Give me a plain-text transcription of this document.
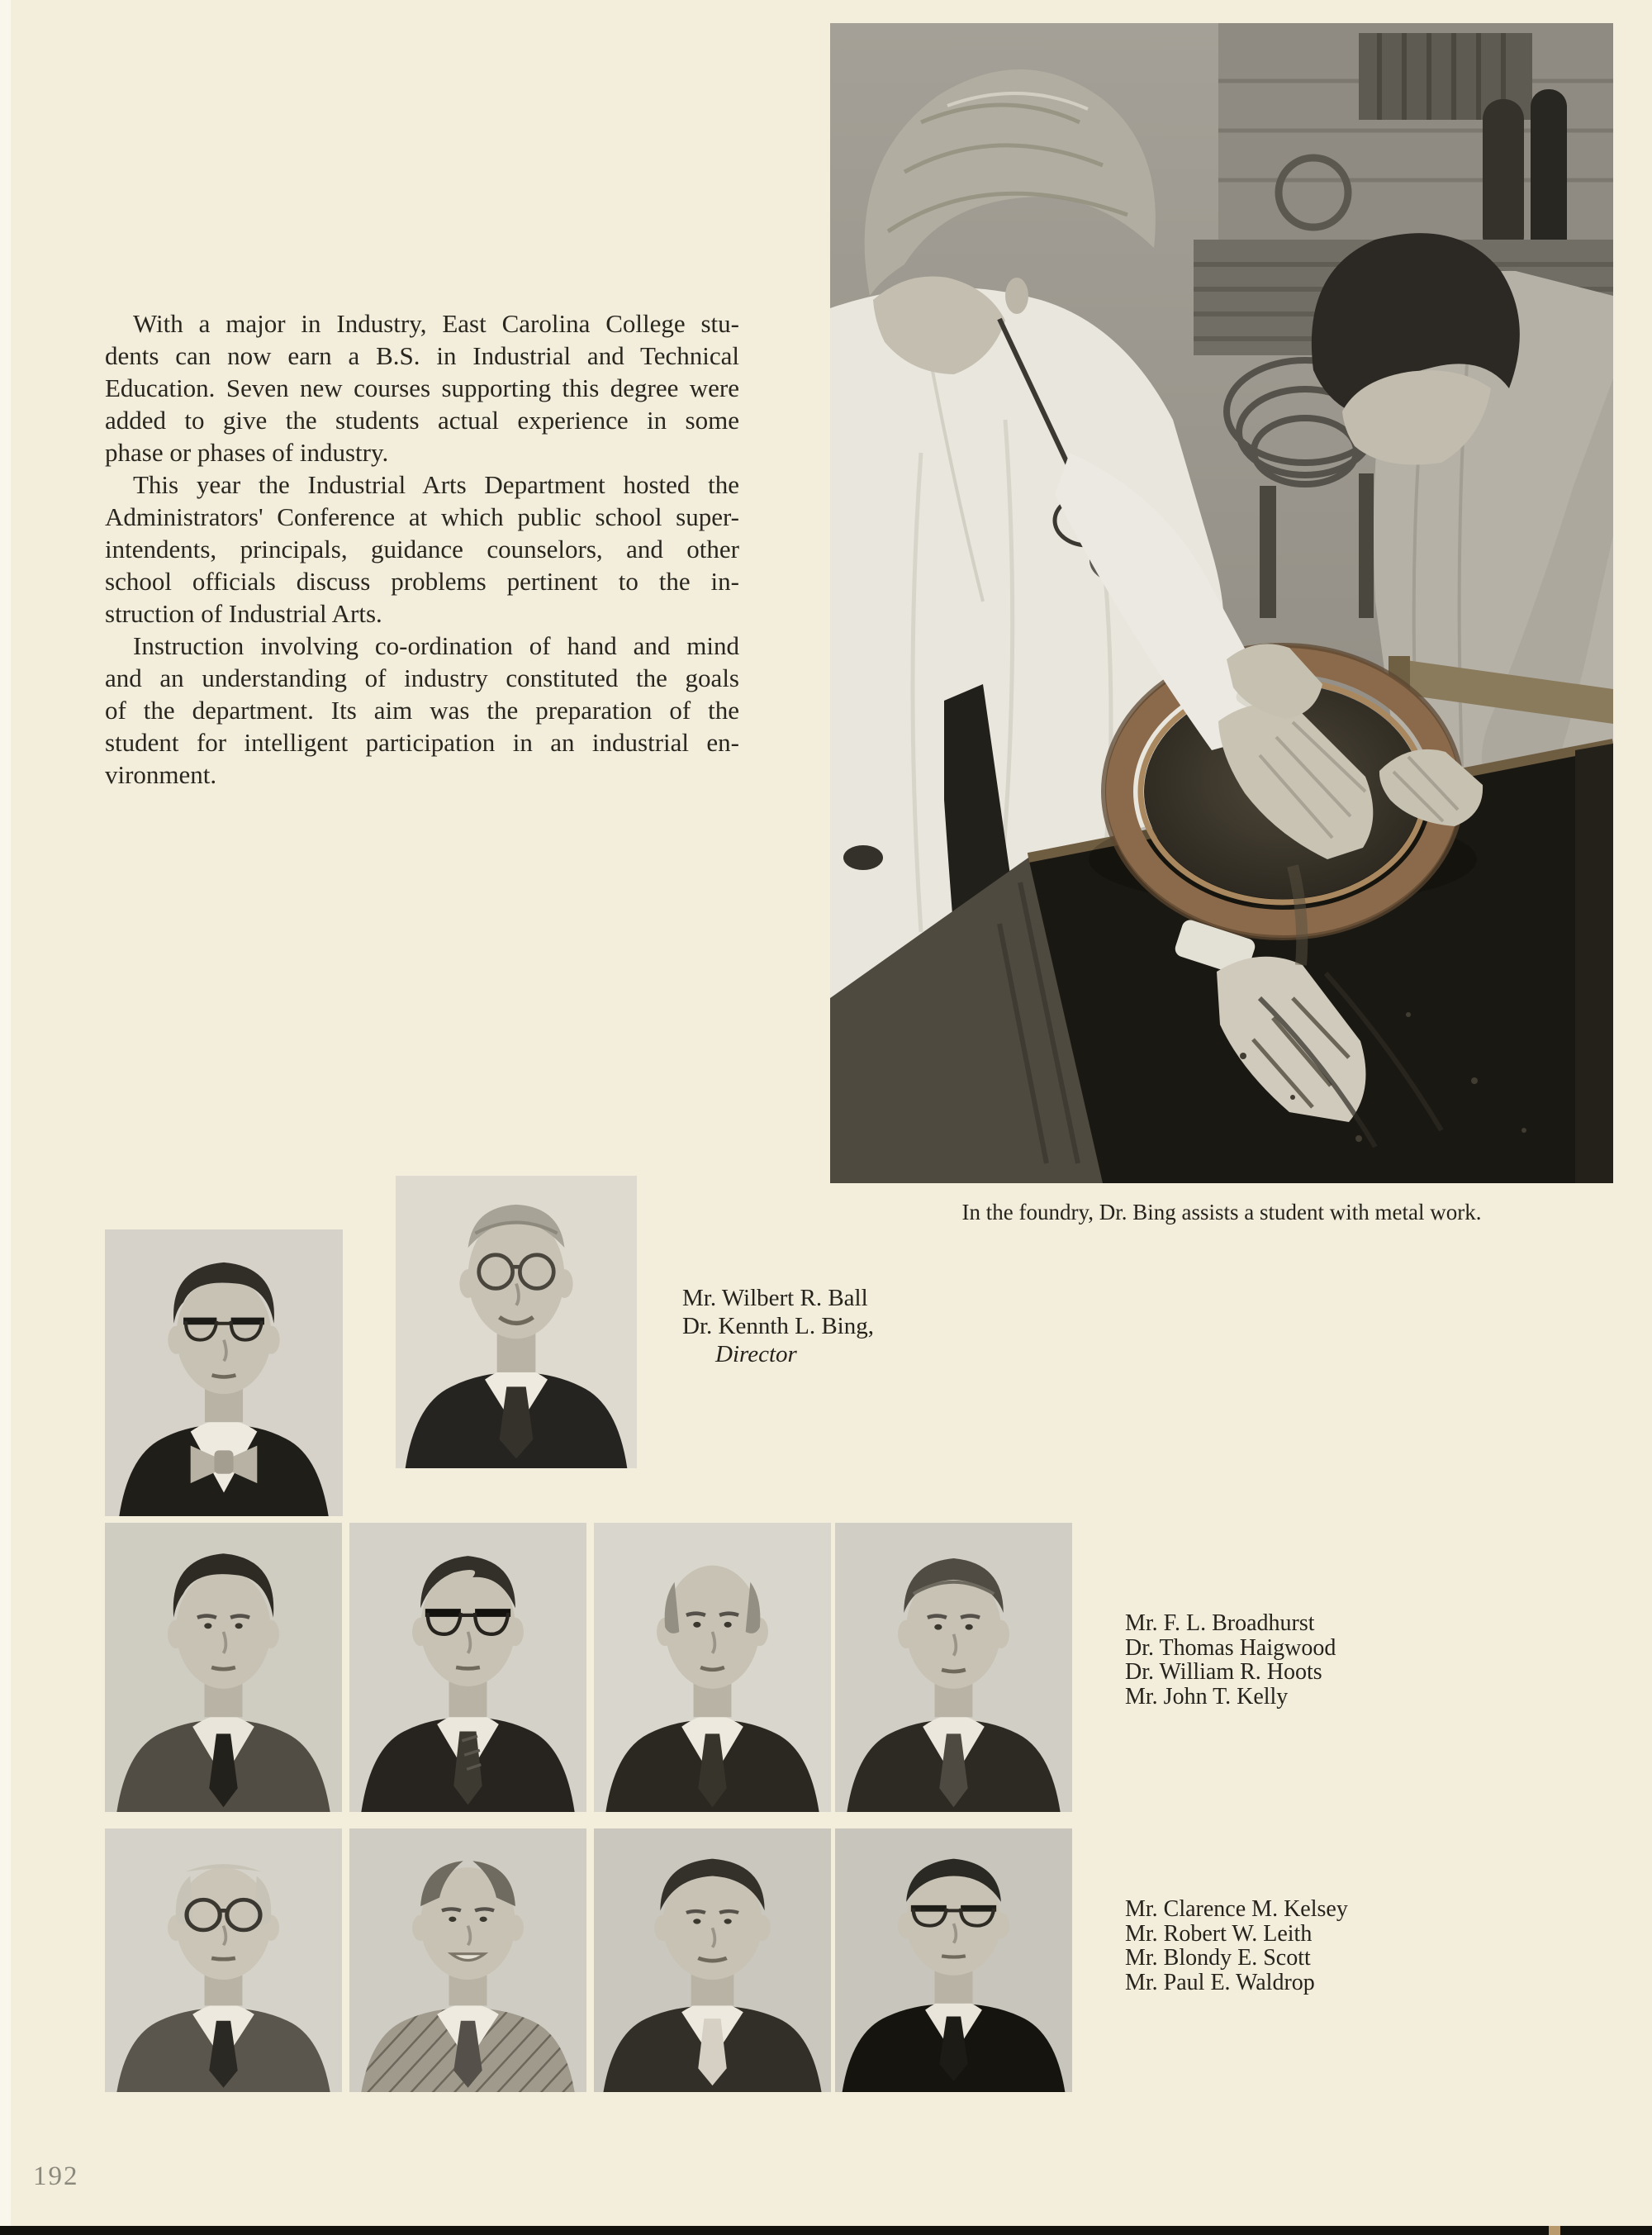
With a major in Industry, East Carolina College stu-
dents can now earn a B.S. in Industrial and Technical
Education. Seven new courses supporting this degree were
added to give the students actual experience in some
phase or phases of industry.

This year the Industrial Arts Department hosted the
Administrators' Conference at which public school super-
intendents, principals, guidance counselors, and other
school officials discuss problems pertinent to the in-
struction of Industrial Arts.

Instruction involving co-ordination of hand and mind
and an understanding of industry constituted the goals
of the department. Its aim was the preparation of the
student for intelligent participation in an industrial en-
vironment.

In the foundry, Dr. Bing assists a student with metal work.
Mr. Wilbert R. Ball
Dr. Kennth L. Bing,
Director
Mr. F. L. Broadhurst
Dr. Thomas Haigwood
Dr. William R. Hoots
Mr. John T. Kelly
Mr. Clarence M. Kelsey
Mr. Robert W. Leith
Mr. Blondy E. Scott
Mr. Paul E. Waldrop
192
